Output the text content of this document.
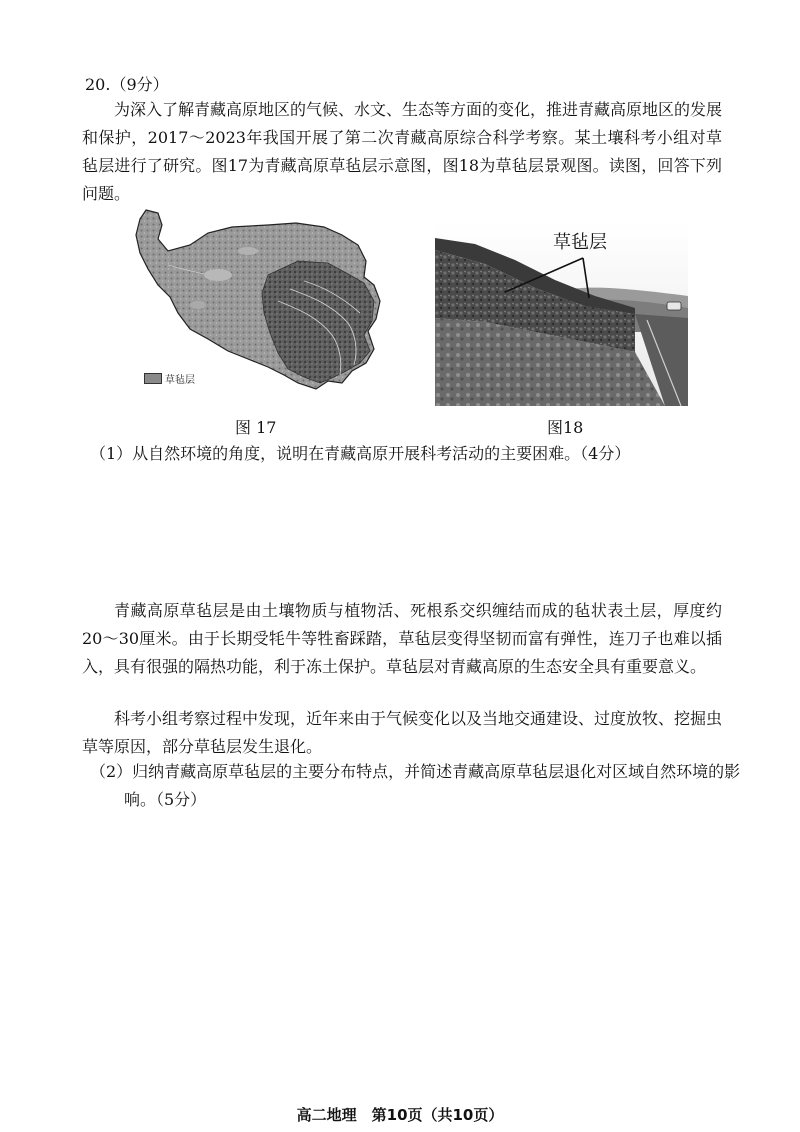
20.（9分）

为深入了解青藏高原地区的气候、水文、生态等方面的变化，推进青藏高原地区的发展和保护，2017～2023年我国开展了第二次青藏高原综合科学考察。某土壤科考小组对草毡层进行了研究。图17为青藏高原草毡层示意图，图18为草毡层景观图。读图，回答下列问题。

草毡层
草毡层
图 17	图18

（1）从自然环境的角度，说明在青藏高原开展科考活动的主要困难。（4分）

青藏高原草毡层是由土壤物质与植物活、死根系交织缠结而成的毡状表土层，厚度约20～30厘米。由于长期受牦牛等牲畜踩踏，草毡层变得坚韧而富有弹性，连刀子也难以插入，具有很强的隔热功能，利于冻土保护。草毡层对青藏高原的生态安全具有重要意义。

科考小组考察过程中发现，近年来由于气候变化以及当地交通建设、过度放牧、挖掘虫草等原因，部分草毡层发生退化。

（2）归纳青藏高原草毡层的主要分布特点，并简述青藏高原草毡层退化对区域自然环境的影响。（5分）

高二地理　第10页（共10页）
